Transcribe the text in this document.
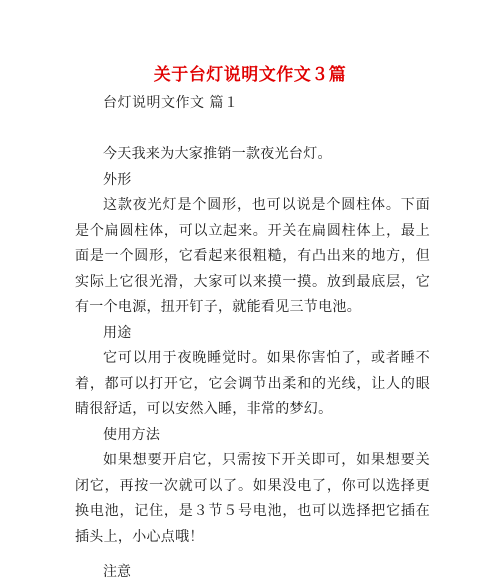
关于台灯说明文作文３篇
台灯说明文作文 篇１

今天我来为大家推销一款夜光台灯。

外形

这款夜光灯是个圆形，也可以说是个圆柱体。下面是个扁圆柱体，可以立起来。开关在扁圆柱体上，最上面是一个圆形，它看起来很粗糙，有凸出来的地方，但实际上它很光滑，大家可以来摸一摸。放到最底层，它有一个电源，扭开钉子，就能看见三节电池。

用途

它可以用于夜晚睡觉时。如果你害怕了，或者睡不着，都可以打开它，它会调节出柔和的光线，让人的眼睛很舒适，可以安然入睡，非常的梦幻。

使用方法

如果想要开启它，只需按下开关即可，如果想要关闭它，再按一次就可以了。如果没电了，你可以选择更换电池，记住，是３节５号电池，也可以选择把它插在插头上，小心点哦！

注意
